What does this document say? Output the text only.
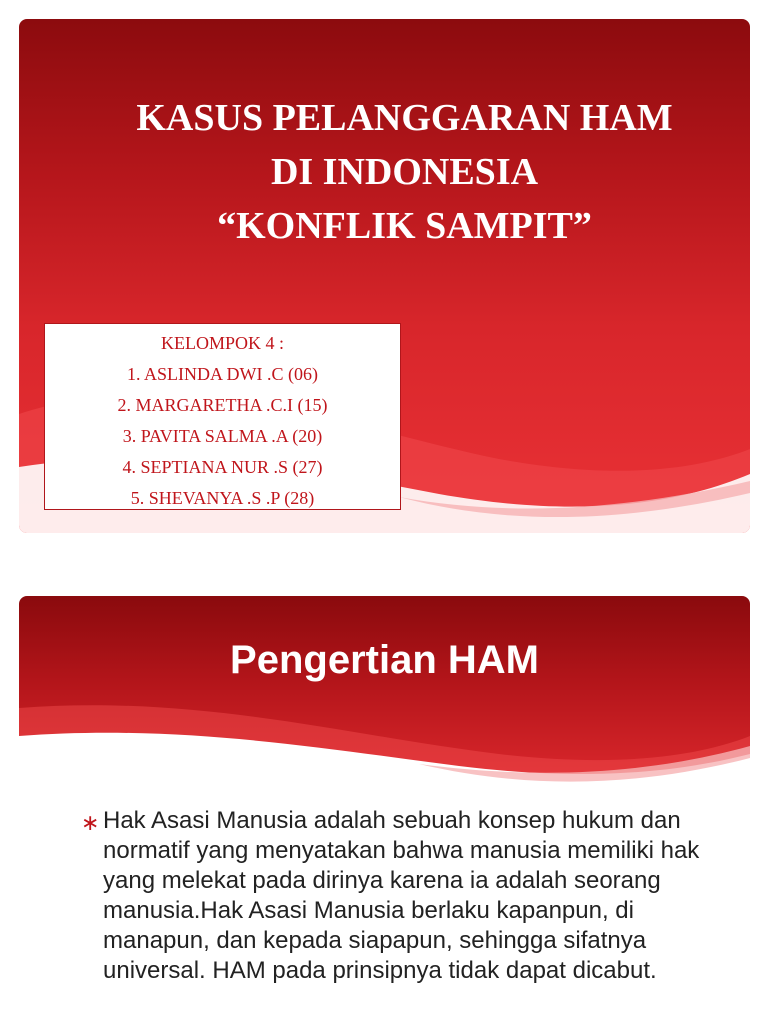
KASUS PELANGGARAN HAM
DI INDONESIA
“KONFLIK SAMPIT”
KELOMPOK 4 :
1. ASLINDA DWI .C (06)
2. MARGARETHA .C.I (15)
3. PAVITA SALMA .A (20)
4. SEPTIANA NUR .S (27)
5. SHEVANYA .S .P (28)
Pengertian HAM
∗ Hak Asasi Manusia adalah sebuah konsep hukum dan normatif yang menyatakan bahwa manusia memiliki hak yang melekat pada dirinya karena ia adalah seorang manusia.Hak Asasi Manusia berlaku kapanpun, di manapun, dan kepada siapapun, sehingga sifatnya universal. HAM pada prinsipnya tidak dapat dicabut.
